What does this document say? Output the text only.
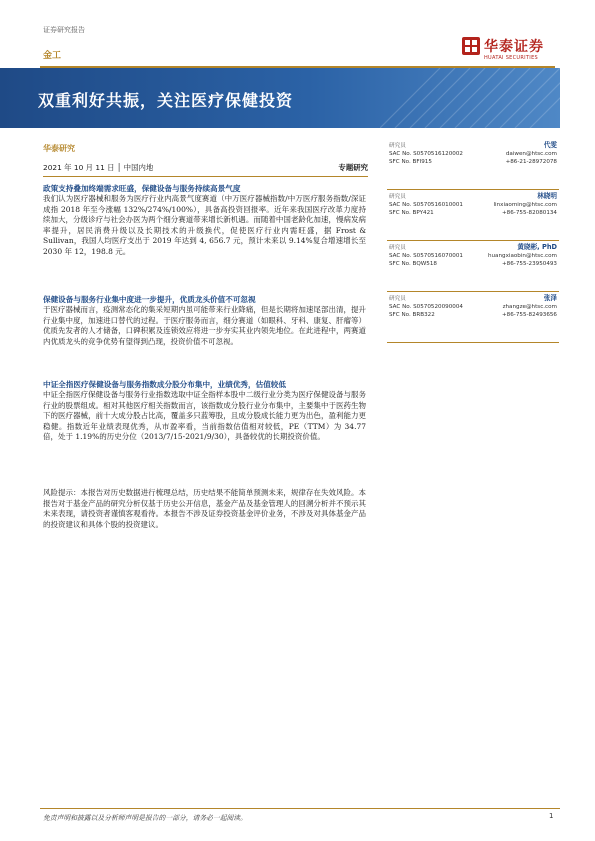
证券研究报告
金工
华泰证券
HUATAI SECURITIES
双重利好共振，关注医疗保健投资
华泰研究
2021 年 10 月 11 日 │ 中国内地	专题研究
政策支持叠加终端需求旺盛，保健设备与服务持续高景气度

我们认为医疗器械和服务为医疗行业内高景气度赛道（中万医疗器械指数/中万医疗服务指数/深证成指 2018 年至今涨幅 132%/274%/100%），具备高投资回报率。近年来我国医疗改革力度持续加大，分级诊疗与社会办医为两个细分赛道带来增长新机遇。而随着中国老龄化加速，慢病发病率提升，居民消费升级以及长期技术的升级换代，促使医疗行业内需旺盛，据 Frost & Sullivan，我国人均医疗支出于 2019 年达到 4, 656.7 元，预计未来以 9.14%复合增速增长至 2030 年 12，198.8 元。

保健设备与服务行业集中度进一步提升，优质龙头价值不可忽视

于医疗器械而言，疫测常态化的集采短期内虽可能带来行业降痛，但是长期将加速尾部出清，提升行业集中度，加速进口替代的过程。于医疗服务而言，细分赛道（如眼科、牙科、康复、肝瘤等）优质先发者的人才储备，口碑积累及连锁效应将进一步夯实其业内领先地位。在此进程中，两赛道内优质龙头的竞争优势有望得到凸现，投资价值不可忽视。

中证全指医疗保健设备与服务指数成分股分布集中，业绩优秀，估值较低

中证全指医疗保健设备与服务行业指数选取中证全指样本股中二级行业分类为医疗保健设备与服务行业的股票组成。相对其他医疗相关指数而言，该指数成分股行业分布集中，主要集中于医药生物下的医疗器械，前十大成分股占比高，覆盖多只蓝筹股，且成分股成长能力更为出色，盈利能力更稳健。指数近年业绩表现优秀，从市盈率看，当前指数估值相对较低，PE（TTM）为 34.77 倍，处于 1.19%的历史分位（2013/7/15-2021/9/30），具备较优的长期投资价值。

风险提示：本报告对历史数据进行梳理总结，历史结果不能简单预测未来，规律存在失效风险。本报告对于基金产品的研究分析仅基于历史公开信息，基金产品及基金管理人的回溯分析并不预示其未来表现，请投资者谨慎客观看待。本报告不涉及证券投资基金评价业务，不涉及对具体基金产品的投资建议和具体个股的投资建议。

研究员	代雯
SAC No. S0570516120002
SFC No. BFI915
daiwen@htsc.com
+86-21-28972078
研究员	林晓明
SAC No. S0570516010001
SFC No. BPY421
linxiaoming@htsc.com
+86-755-82080134
研究员	黄晓彬, PhD
SAC No. S0570516070001
SFC No. BQW518
huangxiaobin@htsc.com
+86-755-23950493
研究员	张泽
SAC No. S0570520090004
SFC No. BRB322
zhangze@htsc.com
+86-755-82493656
免责声明和披露以及分析师声明是报告的一部分，请务必一起阅读。	1
